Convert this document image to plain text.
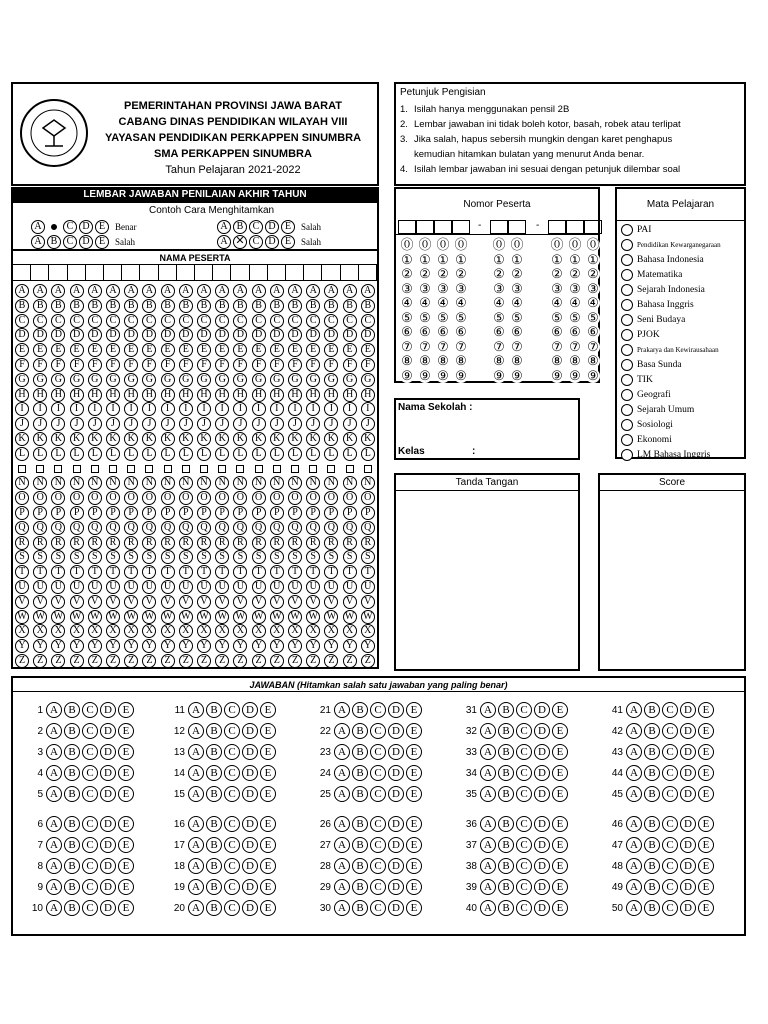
PEMERINTAHAN PROVINSI JAWA BARAT
CABANG DINAS PENDIDIKAN WILAYAH VIII
YAYASAN PENDIDIKAN PERKAPPEN SINUMBRA
SMA PERKAPPEN SINUMBRA
Tahun Pelajaran 2021-2022
Petunjuk Pengisian
1. Isilah hanya menggunakan pensil 2B
2. Lembar jawaban ini tidak boleh kotor, basah, robek atau terlipat
3. Jika salah, hapus sebersih mungkin dengan karet penghapus
kemudian hitamkan bulatan yang menurut Anda benar.
4. Isilah lembar jawaban ini sesuai dengan petunjuk dilembar soal
LEMBAR JAWABAN PENILAIAN AKHIR TAHUN
Contoh Cara Menghitamkan
A	C D E	Benar
A B C D E	Salah
A B C D E	Salah
A
✕	C D E	Salah
NAMA PESERTA
A
B
C
D
E
F
G
H
I
J
K
L
N
O
P
Q
R
S
T
U
V
W
X
Y
Z
A
B
C
D
E
F
G
H
I
J
K
L
N
O
P
Q
R
S
T
U
V
W
X
Y
Z
A
B
C
D
E
F
G
H
I
J
K
L
N
O
P
Q
R
S
T
U
V
W
X
Y
Z
A
B
C
D
E
F
G
H
I
J
K
L
N
O
P
Q
R
S
T
U
V
W
X
Y
Z
A
B
C
D
E
F
G
H
I
J
K
L
N
O
P
Q
R
S
T
U
V
W
X
Y
Z
A
B
C
D
E
F
G
H
I
J
K
L
N
O
P
Q
R
S
T
U
V
W
X
Y
Z
A
B
C
D
E
F
G
H
I
J
K
L
N
O
P
Q
R
S
T
U
V
W
X
Y
Z
A
B
C
D
E
F
G
H
I
J
K
L
N
O
P
Q
R
S
T
U
V
W
X
Y
Z
A
B
C
D
E
F
G
H
I
J
K
L
N
O
P
Q
R
S
T
U
V
W
X
Y
Z
A
B
C
D
E
F
G
H
I
J
K
L
N
O
P
Q
R
S
T
U
V
W
X
Y
Z
A
B
C
D
E
F
G
H
I
J
K
L
N
O
P
Q
R
S
T
U
V
W
X
Y
Z
A
B
C
D
E
F
G
H
I
J
K
L
N
O
P
Q
R
S
T
U
V
W
X
Y
Z
A
B
C
D
E
F
G
H
I
J
K
L
N
O
P
Q
R
S
T
U
V
W
X
Y
Z
A
B
C
D
E
F
G
H
I
J
K
L
N
O
P
Q
R
S
T
U
V
W
X
Y
Z
A
B
C
D
E
F
G
H
I
J
K
L
N
O
P
Q
R
S
T
U
V
W
X
Y
Z
A
B
C
D
E
F
G
H
I
J
K
L
N
O
P
Q
R
S
T
U
V
W
X
Y
Z
A
B
C
D
E
F
G
H
I
J
K
L
N
O
P
Q
R
S
T
U
V
W
X
Y
Z
A
B
C
D
E
F
G
H
I
J
K
L
N
O
P
Q
R
S
T
U
V
W
X
Y
Z
A
B
C
D
E
F
G
H
I
J
K
L
N
O
P
Q
R
S
T
U
V
W
X
Y
Z
A
B
C
D
E
F
G
H
I
J
K
L
N
O
P
Q
R
S
T
U
V
W
X
Y
Z
Nomor Peserta
-	-
⓪ ⓪ ⓪ ⓪ ⓪ ⓪ ⓪ ⓪ ⓪
① ① ① ① ① ① ① ① ①
② ② ② ② ② ② ② ② ②
③ ③ ③ ③ ③ ③ ③ ③ ③
④ ④ ④ ④ ④ ④ ④ ④ ④
⑤ ⑤ ⑤ ⑤ ⑤ ⑤ ⑤ ⑤ ⑤
⑥ ⑥ ⑥ ⑥ ⑥ ⑥ ⑥ ⑥ ⑥
⑦ ⑦ ⑦ ⑦ ⑦ ⑦ ⑦ ⑦ ⑦
⑧ ⑧ ⑧ ⑧ ⑧ ⑧ ⑧ ⑧ ⑧
⑨ ⑨ ⑨ ⑨ ⑨ ⑨ ⑨ ⑨ ⑨
Mata Pelajaran
PAI
Pendidikan Kewarganegaraan
Bahasa Indonesia
Matematika
Sejarah Indonesia
Bahasa Inggris
Seni Budaya
PJOK
Prakarya dan Kewirausahaan
Basa Sunda
TIK
Geografi
Sejarah Umum
Sosiologi
Ekonomi
LM Bahasa Inggris
Nama Sekolah :
Kelas	:
Tanda Tangan	Score
JAWABAN (Hitamkan salah satu jawaban yang paling benar)
1 A B C D E
2 A B C D E
3 A B C D E
4 A B C D E
5 A B C D E
6 A B C D E
7 A B C D E
8 A B C D E
9 A B C D E
10 A B C D E
11 A B C D E
12 A B C D E
13 A B C D E
14 A B C D E
15 A B C D E
16 A B C D E
17 A B C D E
18 A B C D E
19 A B C D E
20 A B C D E
21 A B C D E
22 A B C D E
23 A B C D E
24 A B C D E
25 A B C D E
26 A B C D E
27 A B C D E
28 A B C D E
29 A B C D E
30 A B C D E
31 A B C D E
32 A B C D E
33 A B C D E
34 A B C D E
35 A B C D E
36 A B C D E
37 A B C D E
38 A B C D E
39 A B C D E
40 A B C D E
41 A B C D E
42 A B C D E
43 A B C D E
44 A B C D E
45 A B C D E
46 A B C D E
47 A B C D E
48 A B C D E
49 A B C D E
50 A B C D E
